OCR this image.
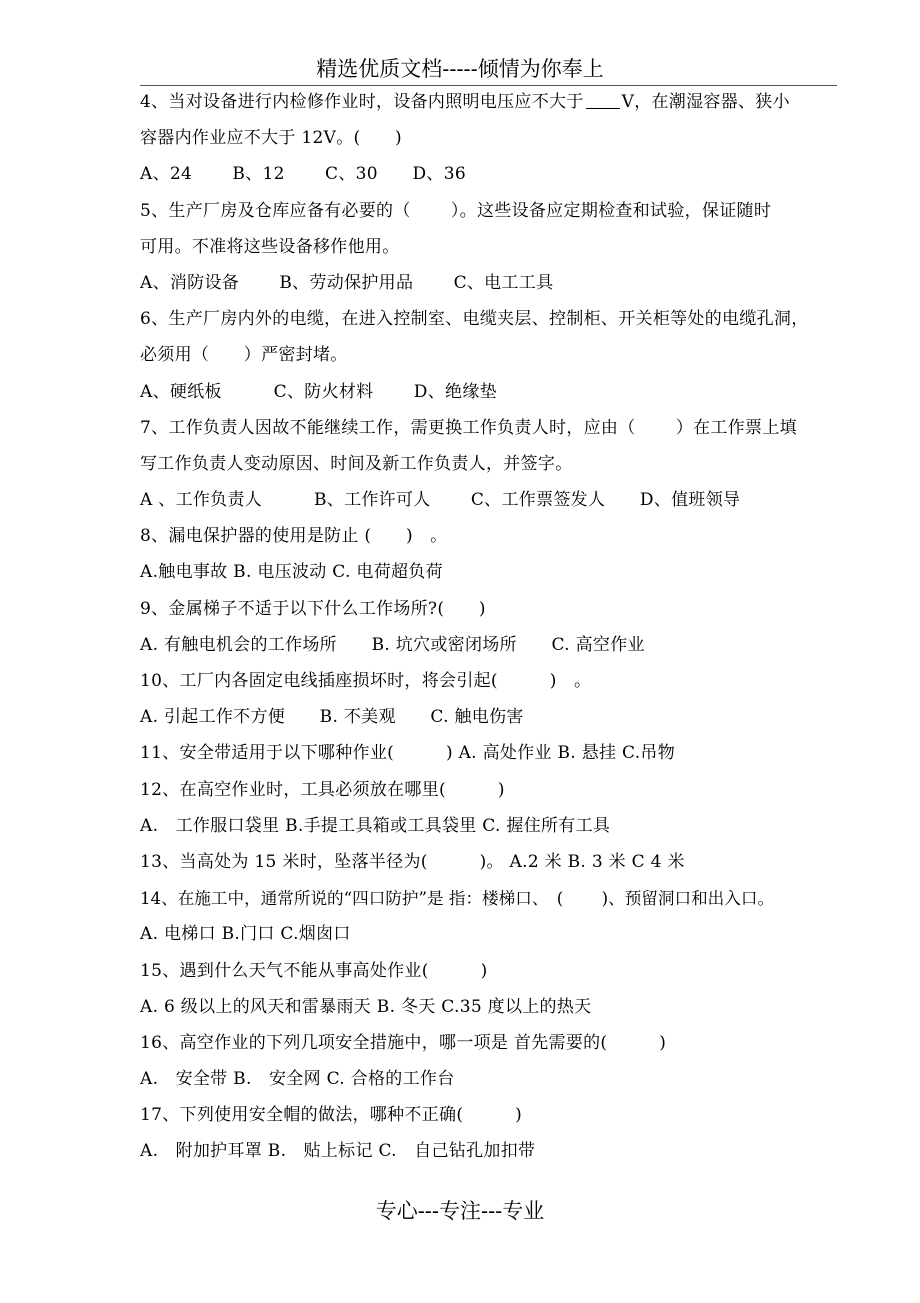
精选优质文档-----倾情为你奉上
4、当对设备进行内检修作业时，设备内照明电压应不大于 V，在潮湿容器、狭小
容器内作业应不大于 12V。(　　)
A、24　　 B、12　　 C、30　　D、36
5、生产厂房及仓库应备有必要的（　　 ）。这些设备应定期检查和试验，保证随时
可用。不准将这些设备移作他用。
A、消防设备　　 B、劳动保护用品　　 C、电工工具
6、生产厂房内外的电缆，在进入控制室、电缆夹层、控制柜、开关柜等处的电缆孔洞，
必须用（　　）严密封堵。
A、硬纸板　　　C、防火材料　　 D、绝缘垫
7、工作负责人因故不能继续工作，需更换工作负责人时，应由（　　 ）在工作票上填
写工作负责人变动原因、时间及新工作负责人，并签字。
A 、工作负责人　　　B、工作许可人　　 C、工作票签发人　　D、值班领导
8、漏电保护器的使用是防止 (　　)　。
A.触电事故 B. 电压波动 C. 电荷超负荷
9、金属梯子不适于以下什么工作场所?(　　)
A. 有触电机会的工作场所　　B. 坑穴或密闭场所　　C. 高空作业
10、工厂内各固定电线插座损坏时，将会引起(　　　)　。
A. 引起工作不方便　　B. 不美观　　C. 触电伤害
11、安全带适用于以下哪种作业(　　　) A. 高处作业 B. 悬挂 C.吊物
12、在高空作业时，工具必须放在哪里(　　　)
A.　工作服口袋里 B.手提工具箱或工具袋里 C. 握住所有工具
13、当高处为 15 米时，坠落半径为(　　　)。 A.2 米 B. 3 米 C 4 米
14、在施工中，通常所说的“四口防护”是 指：楼梯口、　(　　 )、预留洞口和出入口。
A. 电梯口 B.门口 C.烟囱口
15、遇到什么天气不能从事高处作业(　　　)
A. 6 级以上的风天和雷暴雨天 B. 冬天 C.35 度以上的热天
16、高空作业的下列几项安全措施中，哪一项是 首先需要的(　　　)
A.　安全带 B.　安全网 C. 合格的工作台
17、下列使用安全帽的做法，哪种不正确(　　　)
A.　附加护耳罩 B.　贴上标记 C.　自己钻孔加扣带
专心---专注---专业
